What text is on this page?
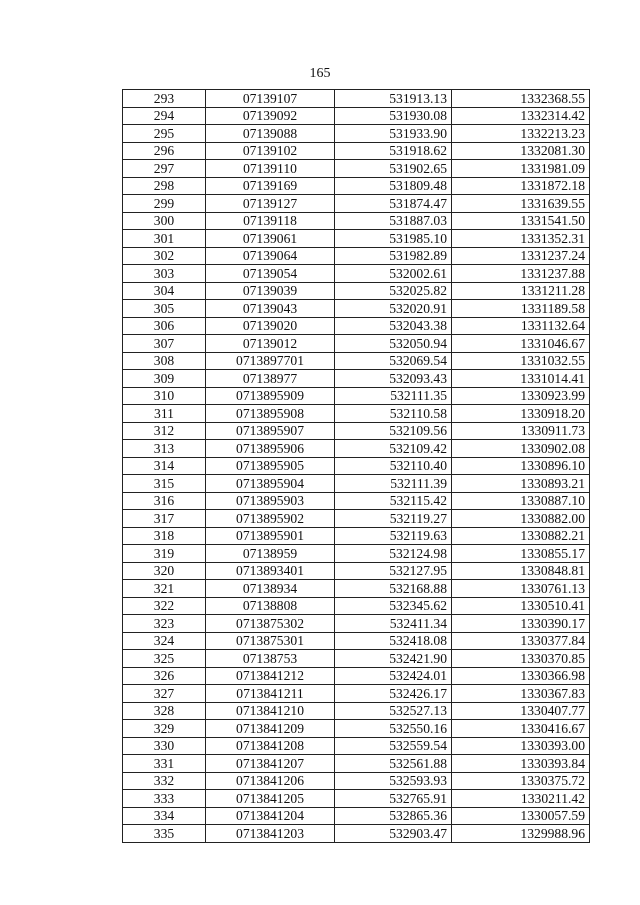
165
293	07139107	531913.13	1332368.55
294	07139092	531930.08	1332314.42
295	07139088	531933.90	1332213.23
296	07139102	531918.62	1332081.30
297	07139110	531902.65	1331981.09
298	07139169	531809.48	1331872.18
299	07139127	531874.47	1331639.55
300	07139118	531887.03	1331541.50
301	07139061	531985.10	1331352.31
302	07139064	531982.89	1331237.24
303	07139054	532002.61	1331237.88
304	07139039	532025.82	1331211.28
305	07139043	532020.91	1331189.58
306	07139020	532043.38	1331132.64
307	07139012	532050.94	1331046.67
308	0713897701	532069.54	1331032.55
309	07138977	532093.43	1331014.41
310	0713895909	532111.35	1330923.99
311	0713895908	532110.58	1330918.20
312	0713895907	532109.56	1330911.73
313	0713895906	532109.42	1330902.08
314	0713895905	532110.40	1330896.10
315	0713895904	532111.39	1330893.21
316	0713895903	532115.42	1330887.10
317	0713895902	532119.27	1330882.00
318	0713895901	532119.63	1330882.21
319	07138959	532124.98	1330855.17
320	0713893401	532127.95	1330848.81
321	07138934	532168.88	1330761.13
322	07138808	532345.62	1330510.41
323	0713875302	532411.34	1330390.17
324	0713875301	532418.08	1330377.84
325	07138753	532421.90	1330370.85
326	0713841212	532424.01	1330366.98
327	0713841211	532426.17	1330367.83
328	0713841210	532527.13	1330407.77
329	0713841209	532550.16	1330416.67
330	0713841208	532559.54	1330393.00
331	0713841207	532561.88	1330393.84
332	0713841206	532593.93	1330375.72
333	0713841205	532765.91	1330211.42
334	0713841204	532865.36	1330057.59
335	0713841203	532903.47	1329988.96
